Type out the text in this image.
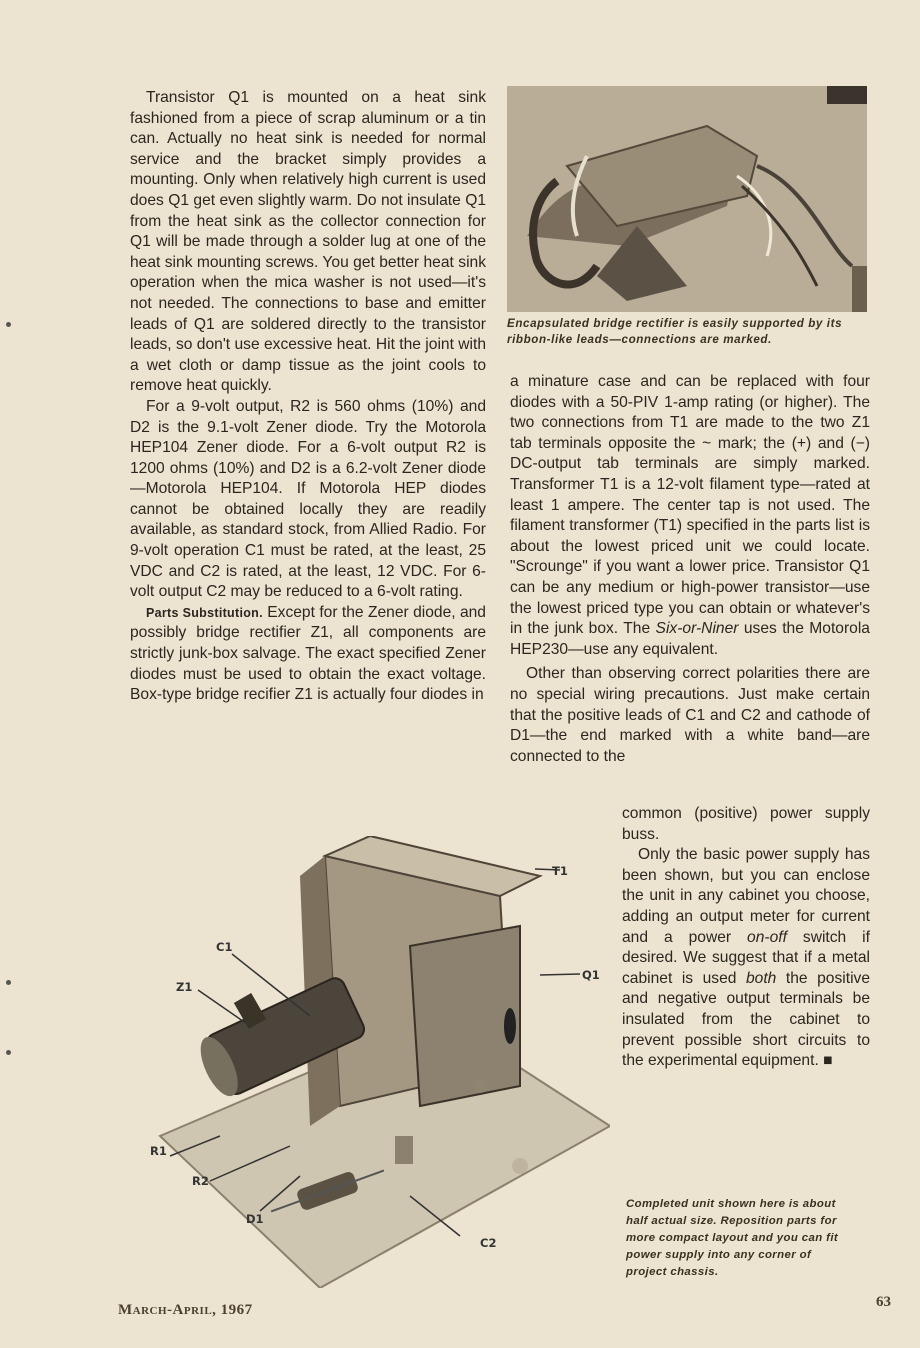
Transistor Q1 is mounted on a heat sink fashioned from a piece of scrap aluminum or a tin can. Actually no heat sink is needed for normal service and the bracket simply provides a mounting. Only when relatively high current is used does Q1 get even slightly warm. Do not insulate Q1 from the heat sink as the collector connection for Q1 will be made through a solder lug at one of the heat sink mounting screws. You get better heat sink operation when the mica washer is not used—it's not needed. The connections to base and emitter leads of Q1 are soldered directly to the transistor leads, so don't use excessive heat. Hit the joint with a wet cloth or damp tissue as the joint cools to remove heat quickly.

For a 9-volt output, R2 is 560 ohms (10%) and D2 is the 9.1-volt Zener diode. Try the Motorola HEP104 Zener diode. For a 6-volt output R2 is 1200 ohms (10%) and D2 is a 6.2-volt Zener diode—Motorola HEP104. If Motorola HEP diodes cannot be obtained locally they are readily available, as standard stock, from Allied Radio. For 9-volt operation C1 must be rated, at the least, 25 VDC and C2 is rated, at the least, 12 VDC. For 6-volt output C2 may be reduced to a 6-volt rating.

Parts Substitution. Except for the Zener diode, and possibly bridge rectifier Z1, all components are strictly junk-box salvage. The exact specified Zener diodes must be used to obtain the exact voltage. Box-type bridge recifier Z1 is actually four diodes in

Encapsulated bridge rectifier is easily supported by its ribbon-like leads—connections are marked.

a minature case and can be replaced with four diodes with a 50-PIV 1-amp rating (or higher). The two connections from T1 are made to the two Z1 tab terminals opposite the ~ mark; the (+) and (−) DC-output tab terminals are simply marked. Transformer T1 is a 12-volt filament type—rated at least 1 ampere. The center tap is not used. The filament transformer (T1) specified in the parts list is about the lowest priced unit we could locate. "Scrounge" if you want a lower price. Transistor Q1 can be any medium or high-power transistor—use the lowest priced type you can obtain or whatever's in the junk box. The Six-or-Niner uses the Motorola HEP230—use any equivalent.

Other than observing correct polarities there are no special wiring precautions. Just make certain that the positive leads of C1 and C2 and cathode of D1—the end marked with a white band—are connected to the

common (positive) power supply buss.

Only the basic power supply has been shown, but you can enclose the unit in any cabinet you choose, adding an output meter for current and a power on-off switch if desired. We suggest that if a metal cabinet is used both the positive and negative output terminals be insulated from the cabinet to prevent possible short circuits to the experimental equipment. ■

T1
C1
Q1
Z1
R1
R2
D1
C2
Completed unit shown here is about half actual size. Reposition parts for more compact layout and you can fit power supply into any corner of project chassis.
March-April, 1967	63
